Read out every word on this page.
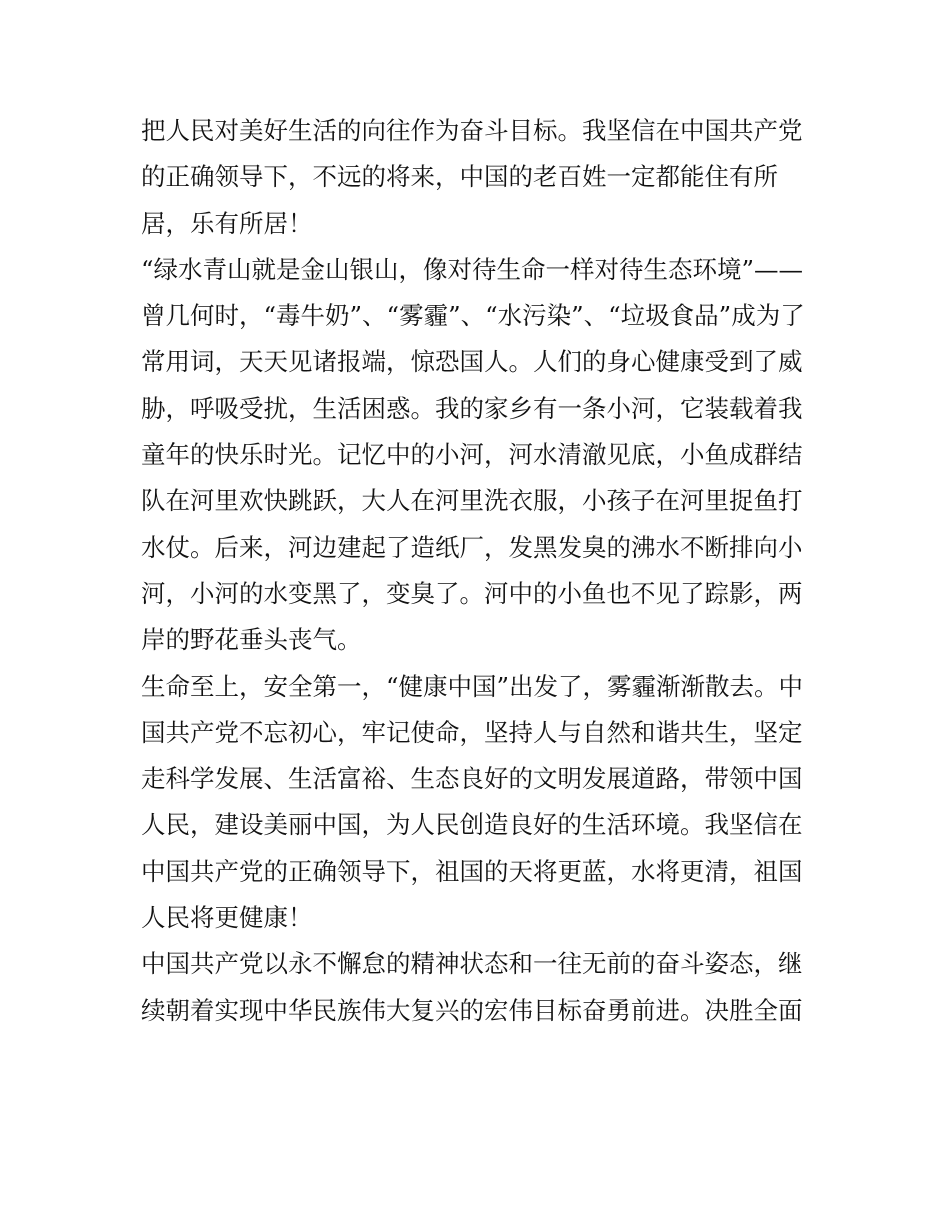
把人民对美好生活的向往作为奋斗目标。我坚信在中国共产党
的正确领导下，不远的将来，中国的老百姓一定都能住有所
居，乐有所居！
“绿水青山就是金山银山，像对待生命一样对待生态环境”——
曾几何时，“毒牛奶”、“雾霾”、“水污染”、“垃圾食品”成为了
常用词，天天见诸报端，惊恐国人。人们的身心健康受到了威
胁，呼吸受扰，生活困惑。我的家乡有一条小河，它装载着我
童年的快乐时光。记忆中的小河，河水清澈见底，小鱼成群结
队在河里欢快跳跃，大人在河里洗衣服，小孩子在河里捉鱼打
水仗。后来，河边建起了造纸厂，发黑发臭的沸水不断排向小
河，小河的水变黑了，变臭了。河中的小鱼也不见了踪影，两
岸的野花垂头丧气。
生命至上，安全第一，“健康中国”出发了，雾霾渐渐散去。中
国共产党不忘初心，牢记使命，坚持人与自然和谐共生，坚定
走科学发展、生活富裕、生态良好的文明发展道路，带领中国
人民，建设美丽中国，为人民创造良好的生活环境。我坚信在
中国共产党的正确领导下，祖国的天将更蓝，水将更清，祖国
人民将更健康！
中国共产党以永不懈怠的精神状态和一往无前的奋斗姿态，继
续朝着实现中华民族伟大复兴的宏伟目标奋勇前进。决胜全面
